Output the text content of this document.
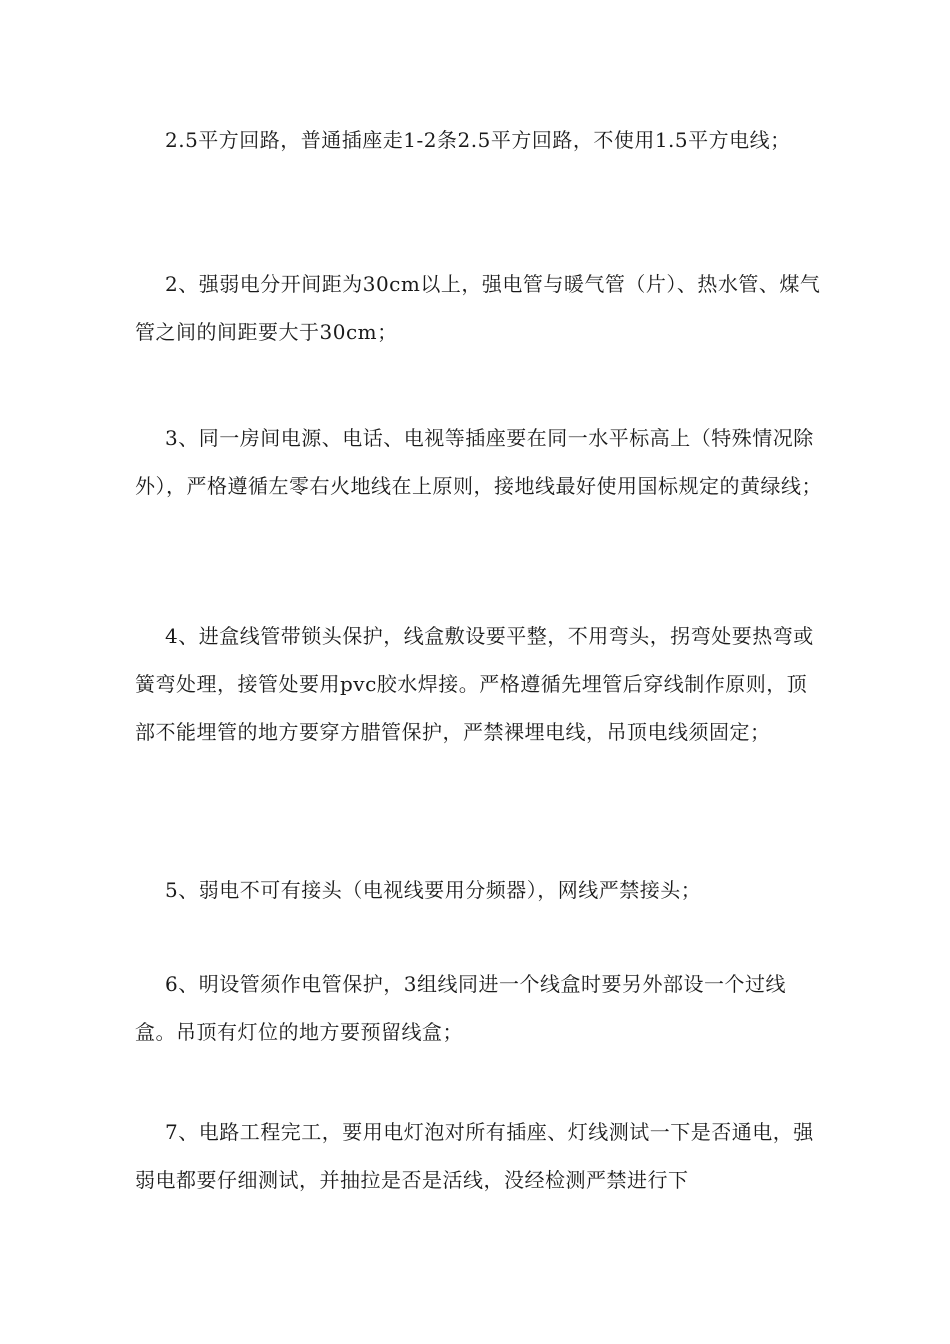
2.5平方回路，普通插座走1-2条2.5平方回路，不使用1.5平方电线；

2、强弱电分开间距为30cm以上，强电管与暖气管（片）、热水管、煤气管之间的间距要大于30cm；

3、同一房间电源、电话、电视等插座要在同一水平标高上（特殊情况除外），严格遵循左零右火地线在上原则，接地线最好使用国标规定的黄绿线；

4、进盒线管带锁头保护，线盒敷设要平整，不用弯头，拐弯处要热弯或簧弯处理，接管处要用pvc胶水焊接。严格遵循先埋管后穿线制作原则，顶部不能埋管的地方要穿方腊管保护，严禁裸埋电线，吊顶电线须固定；

5、弱电不可有接头（电视线要用分频器），网线严禁接头；

6、明设管须作电管保护，3组线同进一个线盒时要另外部设一个过线盒。吊顶有灯位的地方要预留线盒；

7、电路工程完工，要用电灯泡对所有插座、灯线测试一下是否通电，强弱电都要仔细测试，并抽拉是否是活线，没经检测严禁进行下
